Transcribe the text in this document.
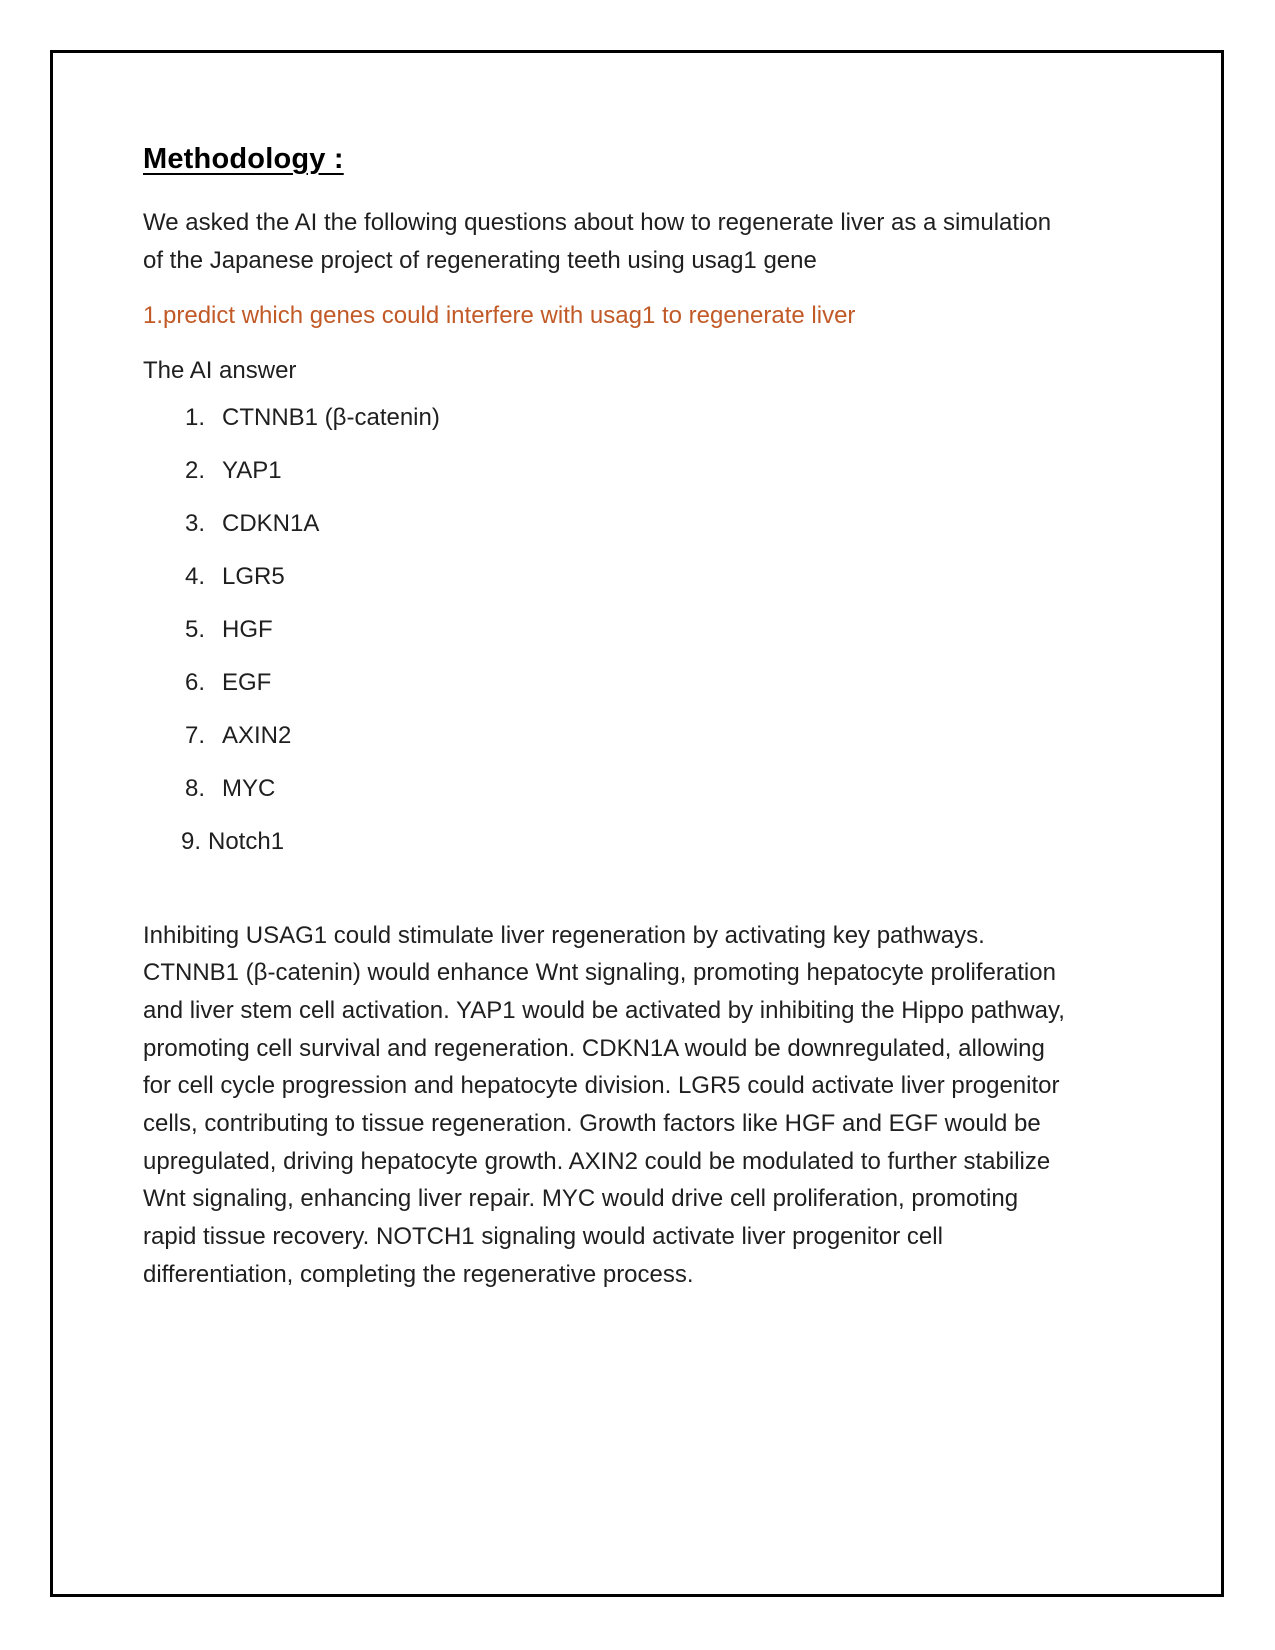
Methodology :

We asked the AI the following questions about how to regenerate liver as a simulation of the Japanese project of regenerating teeth using usag1 gene

1.predict which genes could interfere with usag1 to regenerate liver

The AI answer

1. CTNNB1 (β-catenin)
2. YAP1
3. CDKN1A
4. LGR5
5. HGF
6. EGF
7. AXIN2
8. MYC
9. Notch1

Inhibiting USAG1 could stimulate liver regeneration by activating key pathways. CTNNB1 (β-catenin) would enhance Wnt signaling, promoting hepatocyte proliferation and liver stem cell activation. YAP1 would be activated by inhibiting the Hippo pathway, promoting cell survival and regeneration. CDKN1A would be downregulated, allowing for cell cycle progression and hepatocyte division. LGR5 could activate liver progenitor cells, contributing to tissue regeneration. Growth factors like HGF and EGF would be upregulated, driving hepatocyte growth. AXIN2 could be modulated to further stabilize Wnt signaling, enhancing liver repair. MYC would drive cell proliferation, promoting rapid tissue recovery. NOTCH1 signaling would activate liver progenitor cell differentiation, completing the regenerative process.
